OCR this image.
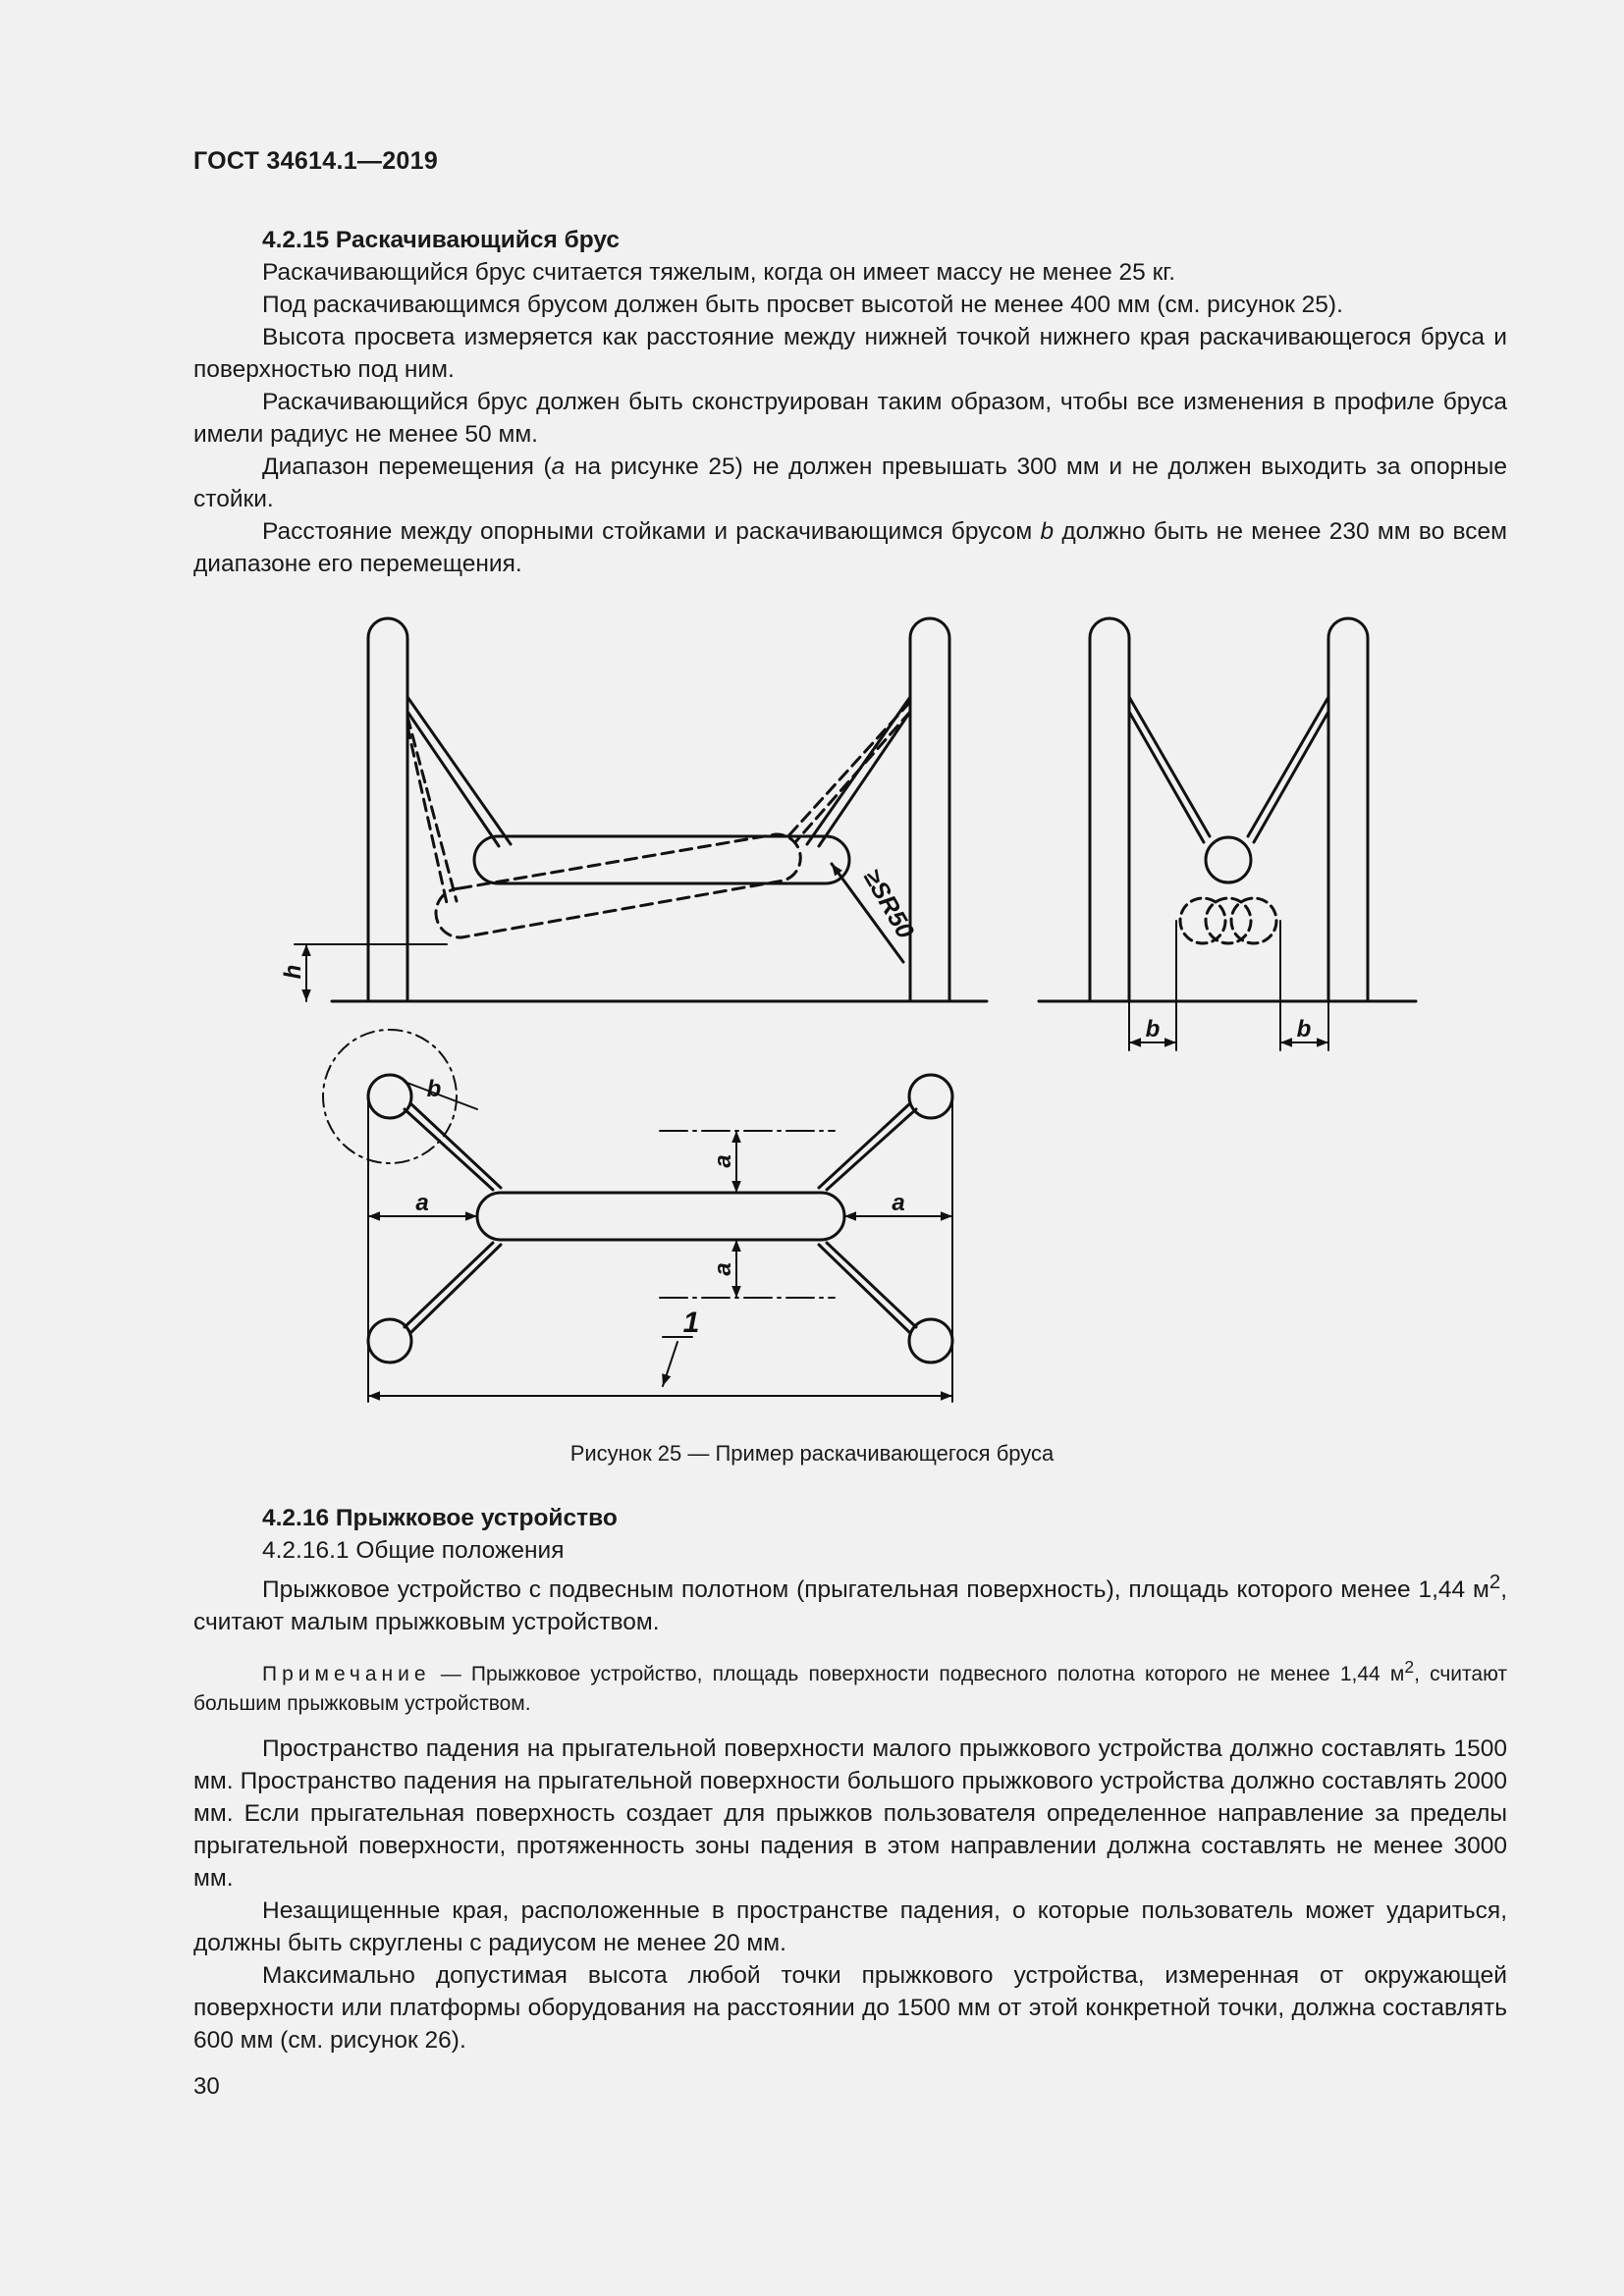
ГОСТ 34614.1—2019

4.2.15 Раскачивающийся брус

Раскачивающийся брус считается тяжелым, когда он имеет массу не менее 25 кг.

Под раскачивающимся брусом должен быть просвет высотой не менее 400 мм (см. рисунок 25).

Высота просвета измеряется как расстояние между нижней точкой нижнего края раскачивающегося бруса и поверхностью под ним.

Раскачивающийся брус должен быть сконструирован таким образом, чтобы все изменения в профиле бруса имели радиус не менее 50 мм.

Диапазон перемещения (a на рисунке 25) не должен превышать 300 мм и не должен выходить за опорные стойки.

Расстояние между опорными стойками и раскачивающимся брусом b должно быть не менее 230 мм во всем диапазоне его перемещения.

h
≥SR50
b	b
b
a	a
a
a
1
Рисунок 25 — Пример раскачивающегося бруса

4.2.16 Прыжковое устройство

4.2.16.1 Общие положения

Прыжковое устройство с подвесным полотном (прыгательная поверхность), площадь которого менее 1,44 $м^2$, считают малым прыжковым устройством.

Примечание — Прыжковое устройство, площадь поверхности подвесного полотна которого не менее 1,44 $м^2$, считают большим прыжковым устройством.

Пространство падения на прыгательной поверхности малого прыжкового устройства должно составлять 1500 мм. Пространство падения на прыгательной поверхности большого прыжкового устройства должно составлять 2000 мм. Если прыгательная поверхность создает для прыжков пользователя определенное направление за пределы прыгательной поверхности, протяженность зоны падения в этом направлении должна составлять не менее 3000 мм.

Незащищенные края, расположенные в пространстве падения, о которые пользователь может удариться, должны быть скруглены с радиусом не менее 20 мм.

Максимально допустимая высота любой точки прыжкового устройства, измеренная от окружающей поверхности или платформы оборудования на расстоянии до 1500 мм от этой конкретной точки, должна составлять 600 мм (см. рисунок 26).

30
